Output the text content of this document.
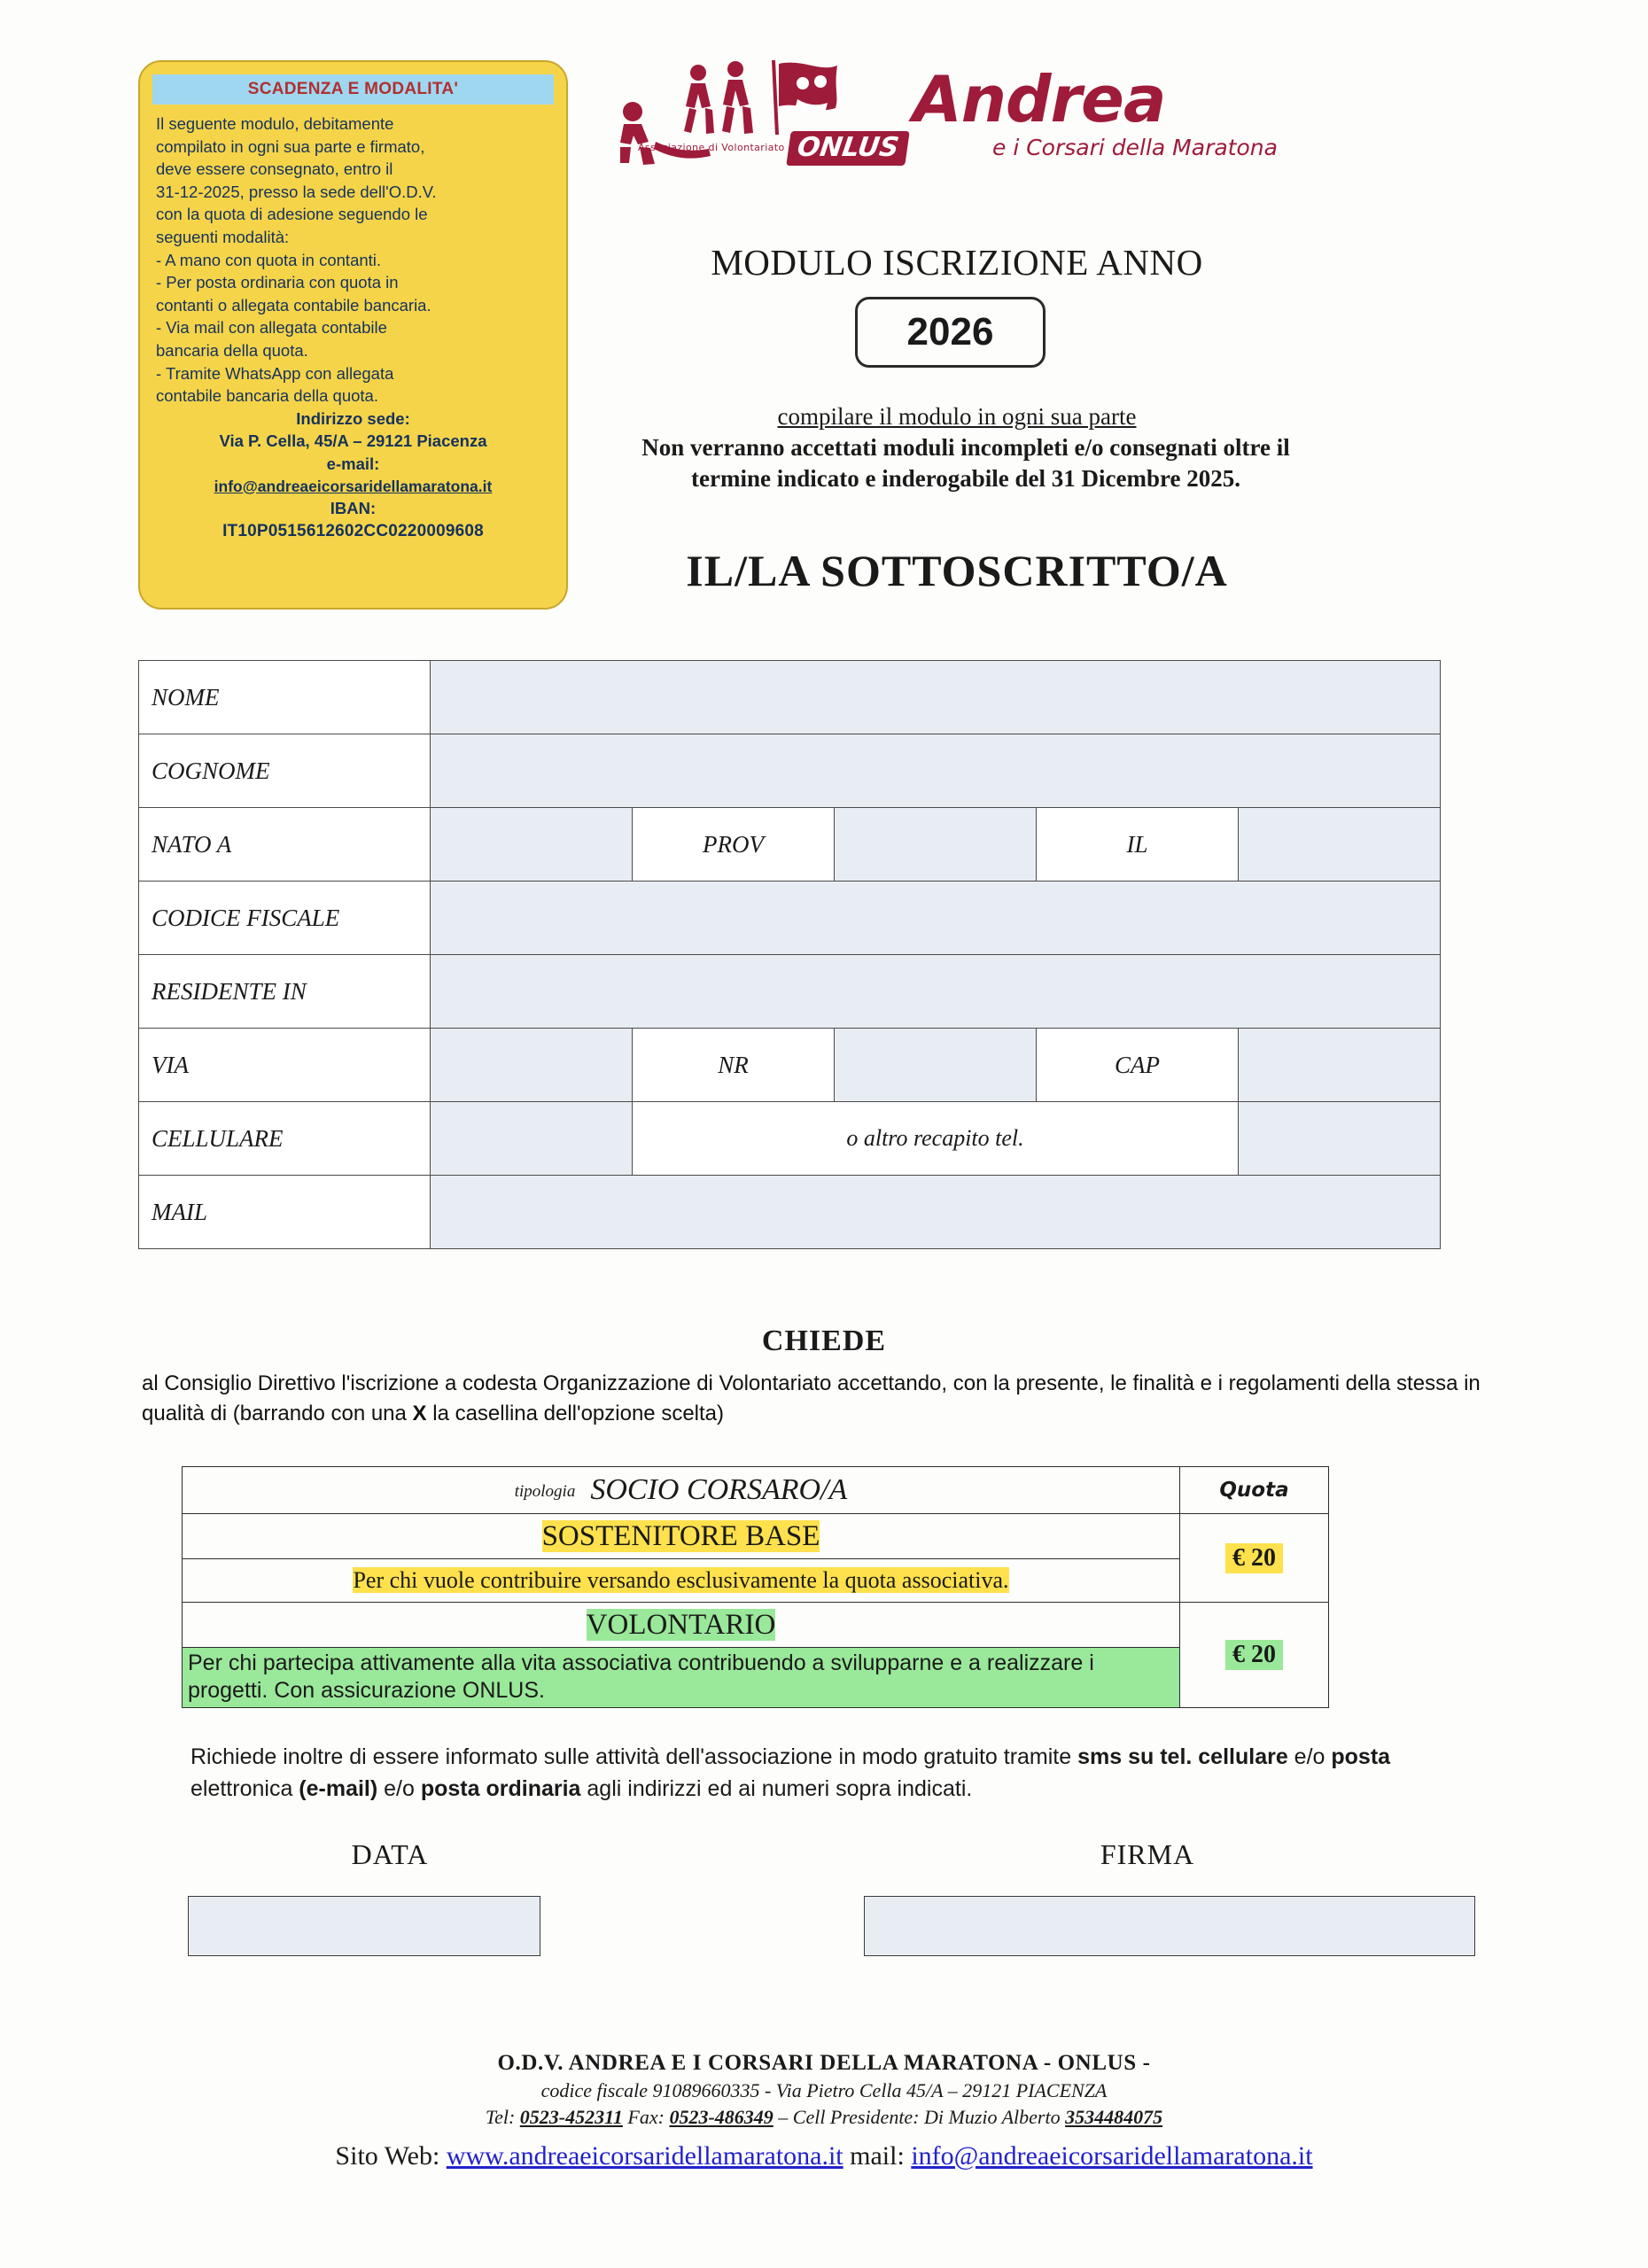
SCADENZA E MODALITA'

Il seguente modulo, debitamente

compilato in ogni sua parte e firmato,

deve essere consegnato, entro il

31-12-2025, presso la sede dell'O.D.V.

con la quota di adesione seguendo le

seguenti modalità:

- A mano con quota in contanti.

- Per posta ordinaria con quota in

contanti o allegata contabile bancaria.

- Via mail con allegata contabile

bancaria della quota.

- Tramite WhatsApp con allegata

contabile bancaria della quota.

Indirizzo sede:

Via P. Cella, 45/A – 29121 Piacenza

e-mail:

info@andreaeicorsaridellamaratona.it

IBAN:

IT10P0515612602CC0220009608

Associazione di Volontariato ONLUS
Andrea
e i Corsari della Maratona
MODULO ISCRIZIONE ANNO
2026
compilare il modulo in ogni sua parte
Non verranno accettati moduli incompleti e/o consegnati oltre il
termine indicato e inderogabile del 31 Dicembre 2025.
IL/LA SOTTOSCRITTO/A
NOME					
COGNOME					
NATO A		PROV		IL	
CODICE FISCALE					
RESIDENTE IN					
VIA		NR		CAP	
CELLULARE		o altro recapito tel.			
MAIL					
CHIEDE
al Consiglio Direttivo l'iscrizione a codesta Organizzazione di Volontariato accettando, con la presente, le finalità e i regolamenti della stessa in qualità di (barrando con una X la casellina dell'opzione scelta)
tipologia SOCIO CORSARO/A	Quota
SOSTENITORE BASE	€ 20
Per chi vuole contribuire versando esclusivamente la quota associativa.	
VOLONTARIO	€ 20
Per chi partecipa attivamente alla vita associativa contribuendo a svilupparne e a realizzare i progetti. Con assicurazione ONLUS.	
Richiede inoltre di essere informato sulle attività dell'associazione in modo gratuito tramite sms su tel. cellulare e/o posta elettronica (e-mail) e/o posta ordinaria agli indirizzi ed ai numeri sopra indicati.
DATA	FIRMA
O.D.V. ANDREA E I CORSARI DELLA MARATONA - ONLUS -
codice fiscale 91089660335 - Via Pietro Cella 45/A – 29121 PIACENZA
Tel: 0523-452311 Fax: 0523-486349 – Cell Presidente: Di Muzio Alberto 3534484075
Sito Web: www.andreaeicorsaridellamaratona.it mail: info@andreaeicorsaridellamaratona.it
